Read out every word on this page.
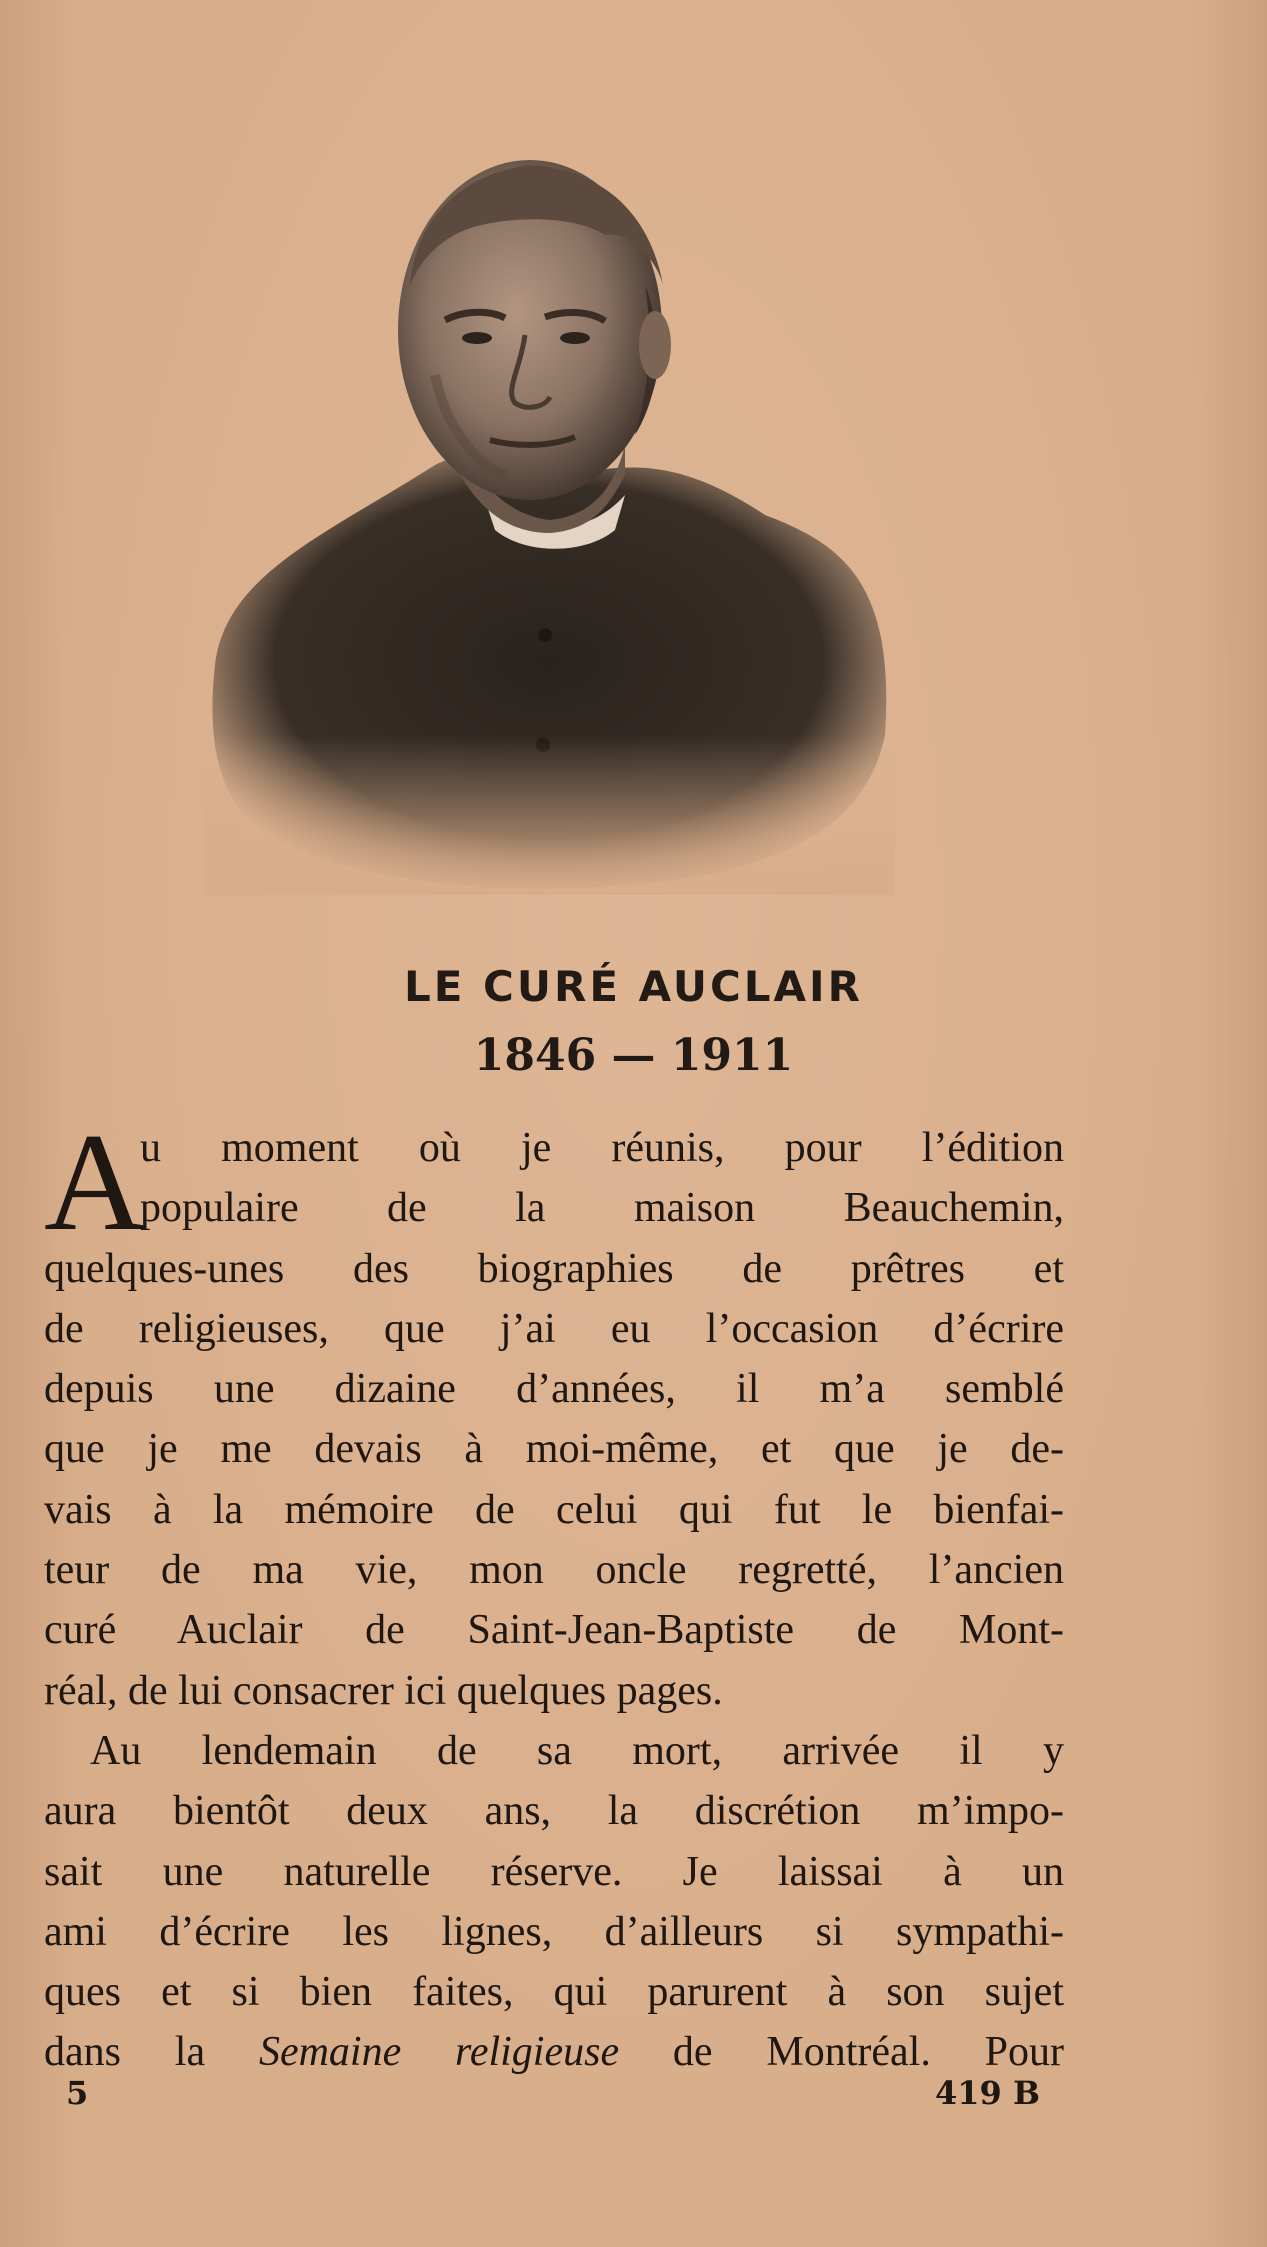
LE CURÉ AUCLAIR
1846 — 1911
A
u moment où je réunis, pour l’édition
populaire de la maison Beauchemin,
quelques-unes des biographies de prêtres et
de religieuses, que j’ai eu l’occasion d’écrire
depuis une dizaine d’années, il m’a semblé
que je me devais à moi-même, et que je de-
vais à la mémoire de celui qui fut le bienfai-
teur de ma vie, mon oncle regretté, l’ancien
curé Auclair de Saint-Jean-Baptiste de Mont-
réal, de lui consacrer ici quelques pages.
Au lendemain de sa mort, arrivée il y
aura bientôt deux ans, la discrétion m’impo-
sait une naturelle réserve. Je laissai à un
ami d’écrire les lignes, d’ailleurs si sympathi-
ques et si bien faites, qui parurent à son sujet
dans la Semaine religieuse de Montréal. Pour
5	419 B
